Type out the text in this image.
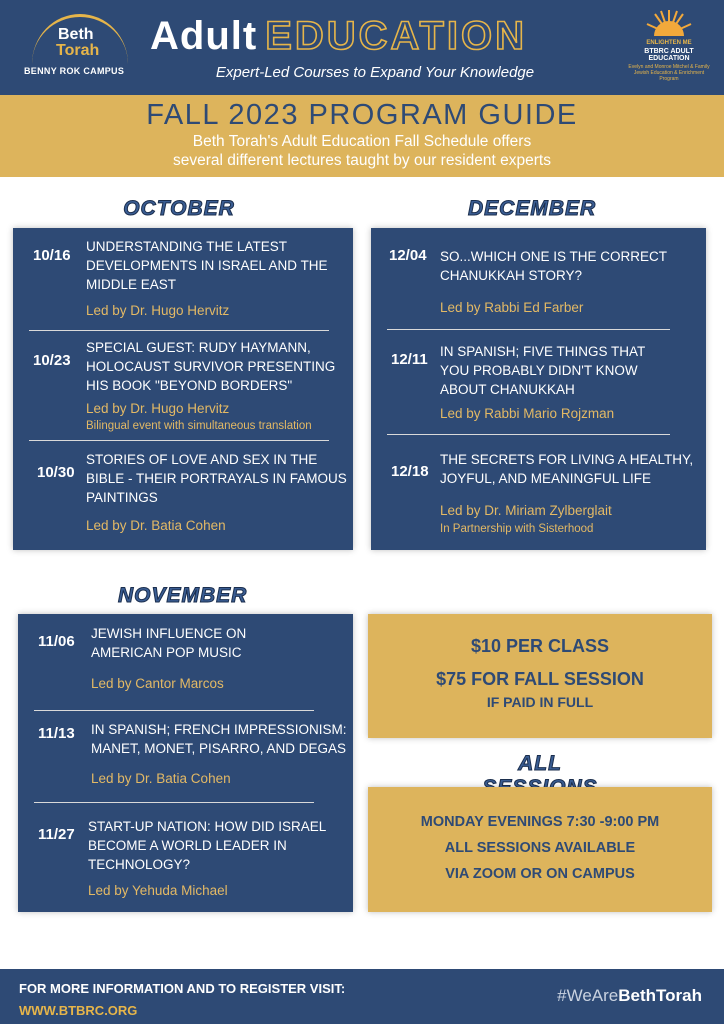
Beth
Torah
BENNY ROK CAMPUS
Adult EDUCATION
Expert-Led Courses to Expand Your Knowledge
ENLIGHTEN ME
BTBRC ADULT EDUCATION
Evelyn and Monroe Mitchel & Family Jewish Education & Enrichment Program
FALL 2023 PROGRAM GUIDE
Beth Torah's Adult Education Fall Schedule offers
several different lectures taught by our resident experts
OCTOBER
10/16
UNDERSTANDING THE LATEST DEVELOPMENTS IN ISRAEL AND THE MIDDLE EAST
Led by Dr. Hugo Hervitz
10/23
SPECIAL GUEST: RUDY HAYMANN, HOLOCAUST SURVIVOR PRESENTING HIS BOOK "BEYOND BORDERS"
Led by Dr. Hugo Hervitz
Bilingual event with simultaneous translation
10/30
STORIES OF LOVE AND SEX IN THE BIBLE - THEIR PORTRAYALS IN FAMOUS PAINTINGS
Led by Dr. Batia Cohen
DECEMBER
12/04 SO...WHICH ONE IS THE CORRECT CHANUKKAH STORY?
Led by Rabbi Ed Farber
12/11 IN SPANISH; FIVE THINGS THAT YOU PROBABLY DIDN'T KNOW ABOUT CHANUKKAH
Led by Rabbi Mario Rojzman
12/18
THE SECRETS FOR LIVING A HEALTHY, JOYFUL, AND MEANINGFUL LIFE
Led by Dr. Miriam Zylberglait
In Partnership with Sisterhood
NOVEMBER
11/06 JEWISH INFLUENCE ON AMERICAN POP MUSIC
Led by Cantor Marcos
11/13 IN SPANISH; FRENCH IMPRESSIONISM: MANET, MONET, PISARRO, AND DEGAS
Led by Dr. Batia Cohen
11/27 START-UP NATION: HOW DID ISRAEL BECOME A WORLD LEADER IN TECHNOLOGY?
Led by Yehuda Michael
$10 PER CLASS
$75 FOR FALL SESSION
IF PAID IN FULL
ALL
MONDAY EVENINGS 7:30 -9:00 PM
ALL SESSIONS AVAILABLE
VIA ZOOM OR ON CAMPUS
FOR MORE INFORMATION AND TO REGISTER VISIT:
WWW.BTBRC.ORG
#WeAreBethTorah
